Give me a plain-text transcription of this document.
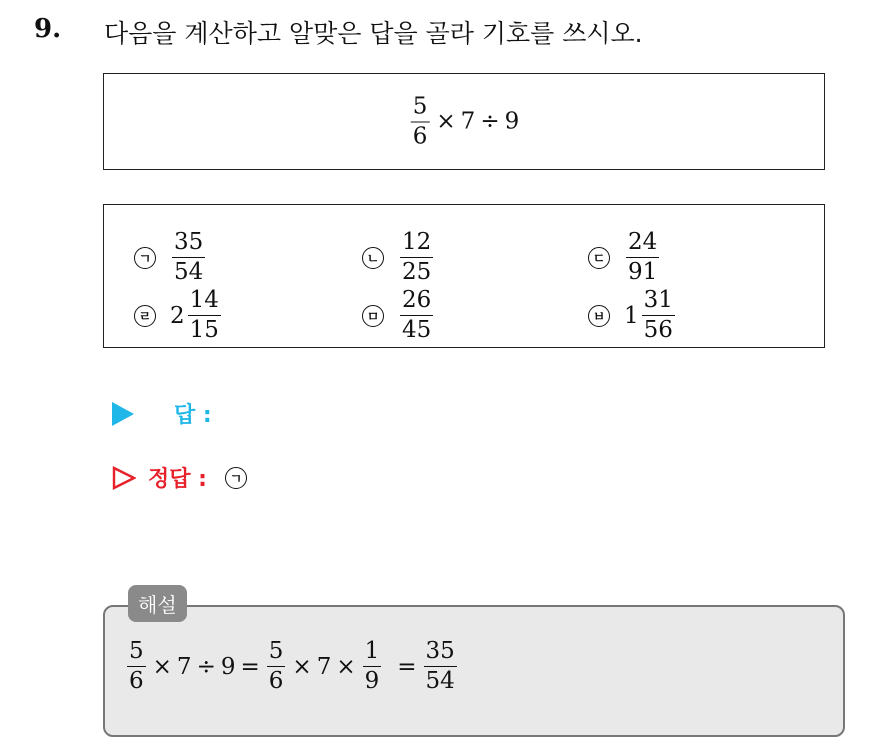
9. 다음을 계산하고 알맞은 답을 골라 기호를 쓰시오.
$\frac{5}{6} \times 7 \div 9$
ㄱ $\frac{35}{54}$	ㄴ $\frac{12}{25}$	ㄷ $\frac{24}{91}$
ㄹ $2 \frac{14}{15}$	ㅁ $\frac{26}{45}$	ㅂ $1 \frac{31}{56}$
답 :
정답 :	ㄱ
해설
$\frac{5}{6} \times 7 \div 9 = \frac{5}{6} \times 7 \times \frac{1}{9} = \frac{35}{54}$
